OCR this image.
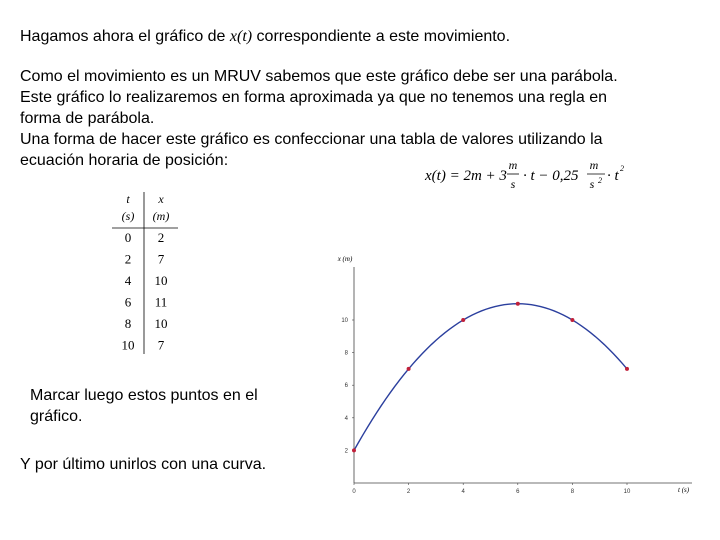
Hagamos ahora el gráfico de x(t) correspondiente a este movimiento.

Como el movimiento es un MRUV sabemos que este gráfico debe ser una parábola.
Este gráfico lo realizaremos en forma aproximada ya que no tenemos una regla en
forma de parábola.
Una forma de hacer este gráfico es confeccionar una tabla de valores utilizando la
ecuación horaria de posición:
x(t) = 2m + 3
m
s · t − 0,25
m
s 2 · t 2
t x
(s) (m)
0 2
2 7
4 10
6 11
8 10
10 7
0	2	4	6	8	10
2
4
6
8
10
x (m)
t (s)
Marcar luego estos puntos en el gráfico.
Y por último unirlos con una curva.
